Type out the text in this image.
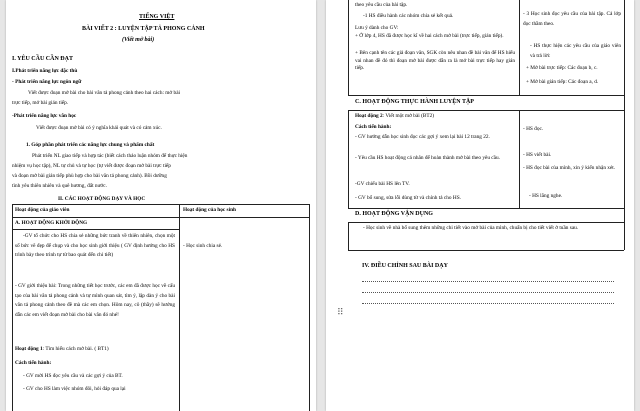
TIẾNG VIỆT
BÀI VIẾT 2 : LUYỆN TẬP TẢ PHONG CẢNH
(Viết mở bài)
I. YÊU CẦU CẦN ĐẠT
I.Phát triển năng lực đặc thù
- Phát triển năng lực ngôn ngữ
Viết được đoạn mở bài cho bài văn tả phong cảnh theo hai cách: mở bài
trực tiếp, mở bài gián tiếp.
-Phát triển năng lực văn học
Viết được đoạn mở bài có ý nghĩa khái quát và có cảm xúc.
1. Góp phần phát triển các năng lực chung và phẩm chất
Phát triển NL giao tiếp và hợp tác (biết cách thảo luận nhóm để thực hiện
nhiệm vụ học tập), NL tự chủ và tự học (tự viết được đoạn mở bài trực tiếp
và đoạn mở bài gián tiếp phù hợp cho bài văn tả phong cảnh). Bồi dưỡng
tình yêu thiên nhiên và quê hương, đất nước.
II. CÁC HOẠT ĐỘNG DẠY VÀ HỌC
Hoạt động của giáo viên	Hoạt động của học sinh
A. HOẠT ĐỘNG KHỞI ĐỘNG
-GV tổ chức cho HS chia sẻ những bức tranh về thiên nhiên, chọn một số bức vẽ đẹp để chụp và cho học sinh giới thiệu ( GV định hướng cho HS trình bày theo trình tự từ bao quát đến chi tiết)
- Học sinh chia sẻ.
- GV giới thiệu bài: Trong những tiết học trước, các em đã được học về cấu tạo của bài văn tả phong cảnh và tự mình quan sát, tìm ý, lập dàn ý cho bài văn tả phong cảnh theo đề mà các em chọn. Hôm nay, cô (thầy) sẽ hướng dẫn các em viết đoạn mở bài cho bài văn đó nhé!
Hoạt động 1: Tìm hiểu cách mở bài. ( BT1)
Cách tiến hành:
- GV mời HS đọc yêu cầu và các gợi ý của BT.
- GV cho HS làm việc nhóm đôi, hỏi đáp qua lại
theo yêu cầu của bài tập.
-1 HS điều hành các nhóm chia sẻ kết quả.
Lưu ý dành cho GV:
+ Ở lớp 4, HS đã được học kĩ về hai cách mở bài (trực tiếp, gián tiếp).
+ Bên cạnh tên các giả đoạn văn, SGK còn nêu nhan đề bài văn để HS hiểu vai nhan đề đó thì đoạn mở bài được dẫn ra là mở bài trực tiếp hay gián tiếp.
- 3 Học sinh đọc yêu cầu của bài tập. Cả lớp đọc thầm theo.
- HS thực hiện các yêu cầu của giáo viên và trả lời:
+ Mở bài trực tiếp: Các đoạn b, c.
+ Mở bài gián tiếp: Các đoạn a, d.
C. HOẠT ĐỘNG THỰC HÀNH LUYỆN TẬP
Hoạt động 2: Viết một mở bài (BT2)
Cách tiến hành:
- GV hướng dẫn học sinh đọc các gợi ý xem lại bài 12 trang 22.
- Yêu cầu HS hoạt động cá nhân để hoàn thành mở bài theo yêu cầu.
-GV chiếu bài HS lên TV.
- GV bổ sung, sửa lỗi dùng từ và chính tả cho HS.
- HS đọc.
- HS viết bài.
- HS đọc bài của mình, xin ý kiến nhận xét.
- HS lắng nghe.
D. HOẠT ĐỘNG VẬN DỤNG
- Học sinh về nhà bổ sung thêm những chi tiết vào mở bài của mình, chuẩn bị cho tiết viết ở tuần sau.
IV. ĐIỀU CHỈNH SAU BÀI DẠY
⠿
